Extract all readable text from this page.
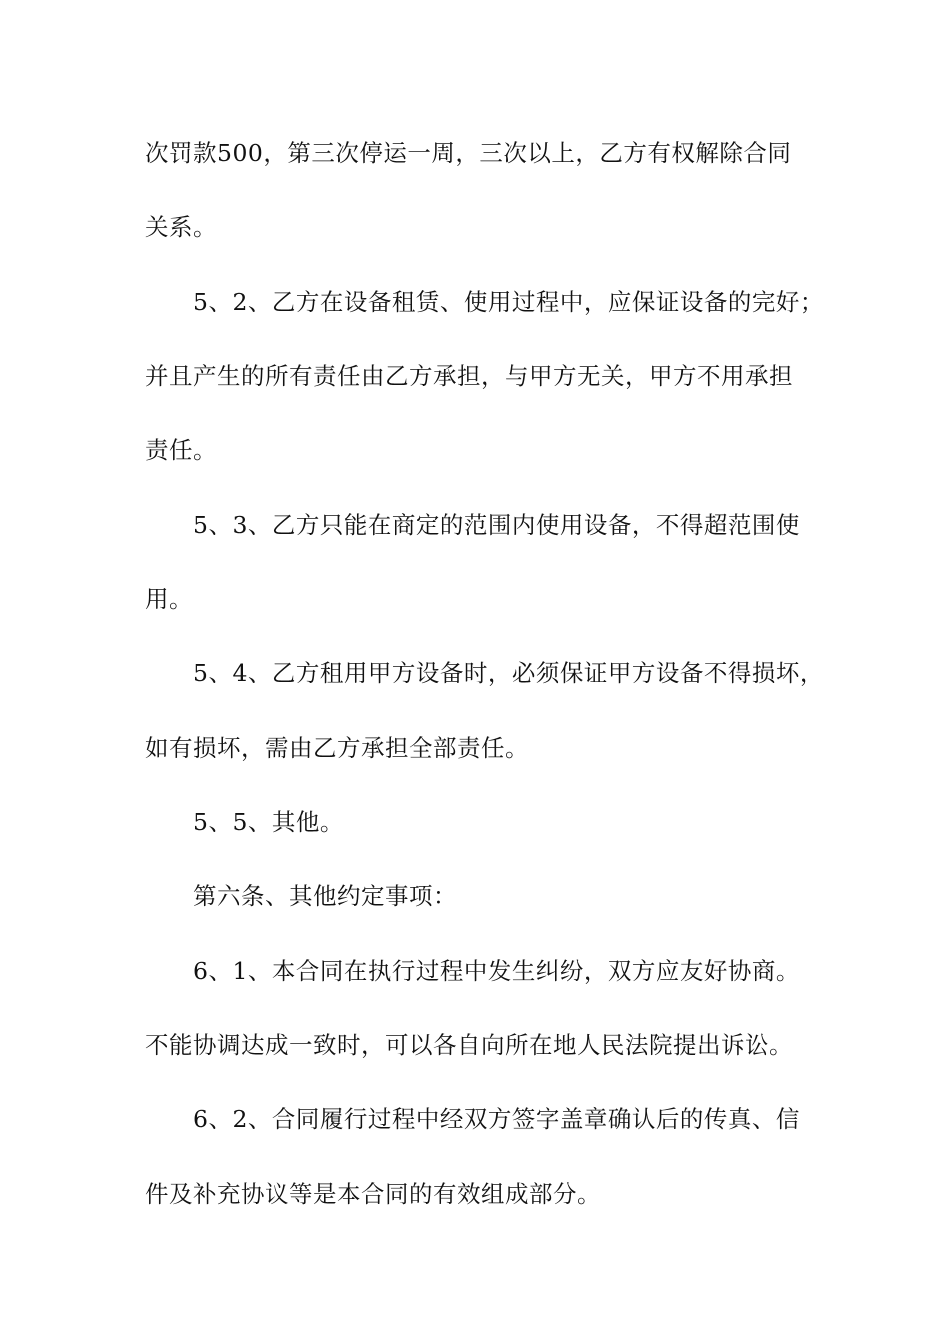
次罚款500，第三次停运一周，三次以上，乙方有权解除合同
关系。
5、2、乙方在设备租赁、使用过程中，应保证设备的完好；
并且产生的所有责任由乙方承担，与甲方无关，甲方不用承担
责任。
5、3、乙方只能在商定的范围内使用设备，不得超范围使
用。
5、4、乙方租用甲方设备时，必须保证甲方设备不得损坏，
如有损坏，需由乙方承担全部责任。
5、5、其他。
第六条、其他约定事项：
6、1、本合同在执行过程中发生纠纷，双方应友好协商。
不能协调达成一致时，可以各自向所在地人民法院提出诉讼。
6、2、合同履行过程中经双方签字盖章确认后的传真、信
件及补充协议等是本合同的有效组成部分。
